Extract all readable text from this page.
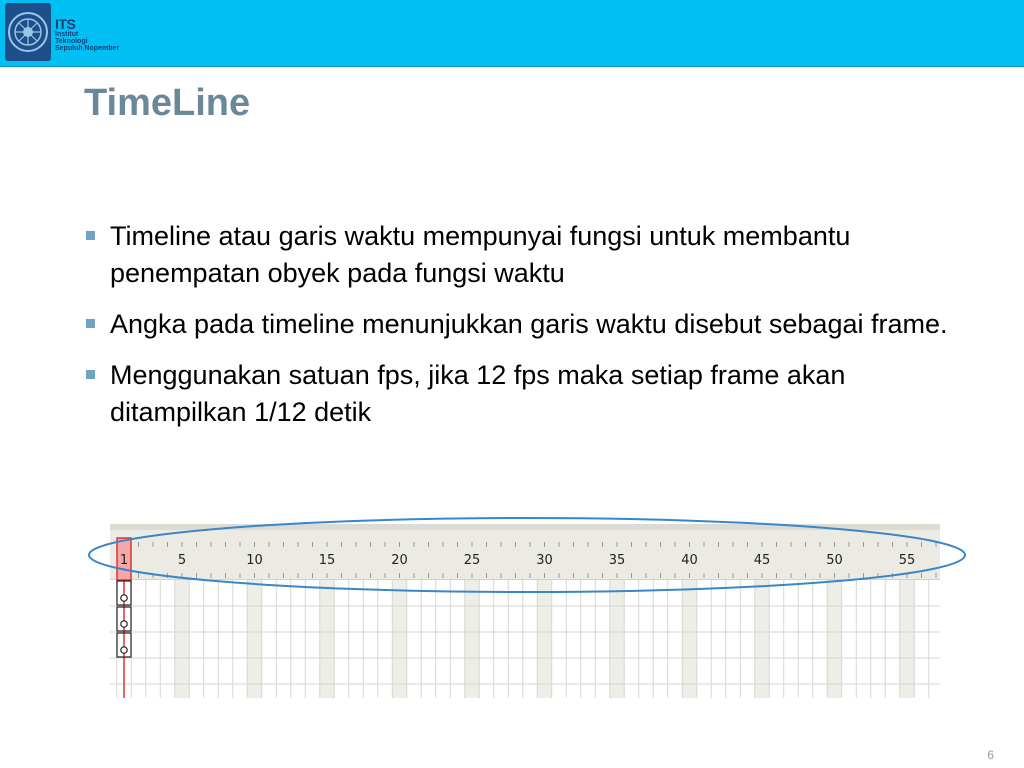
ITS
Institut
Teknologi
Sepuluh Nopember
TimeLine
Timeline atau garis waktu mempunyai fungsi untuk membantu penempatan obyek pada fungsi waktu
Angka pada timeline menunjukkan garis waktu disebut sebagai frame.
Menggunakan satuan fps, jika 12 fps maka setiap frame akan ditampilkan 1/12 detik
1	5	10	15	20	25	30	35	40	45	50	55
6
